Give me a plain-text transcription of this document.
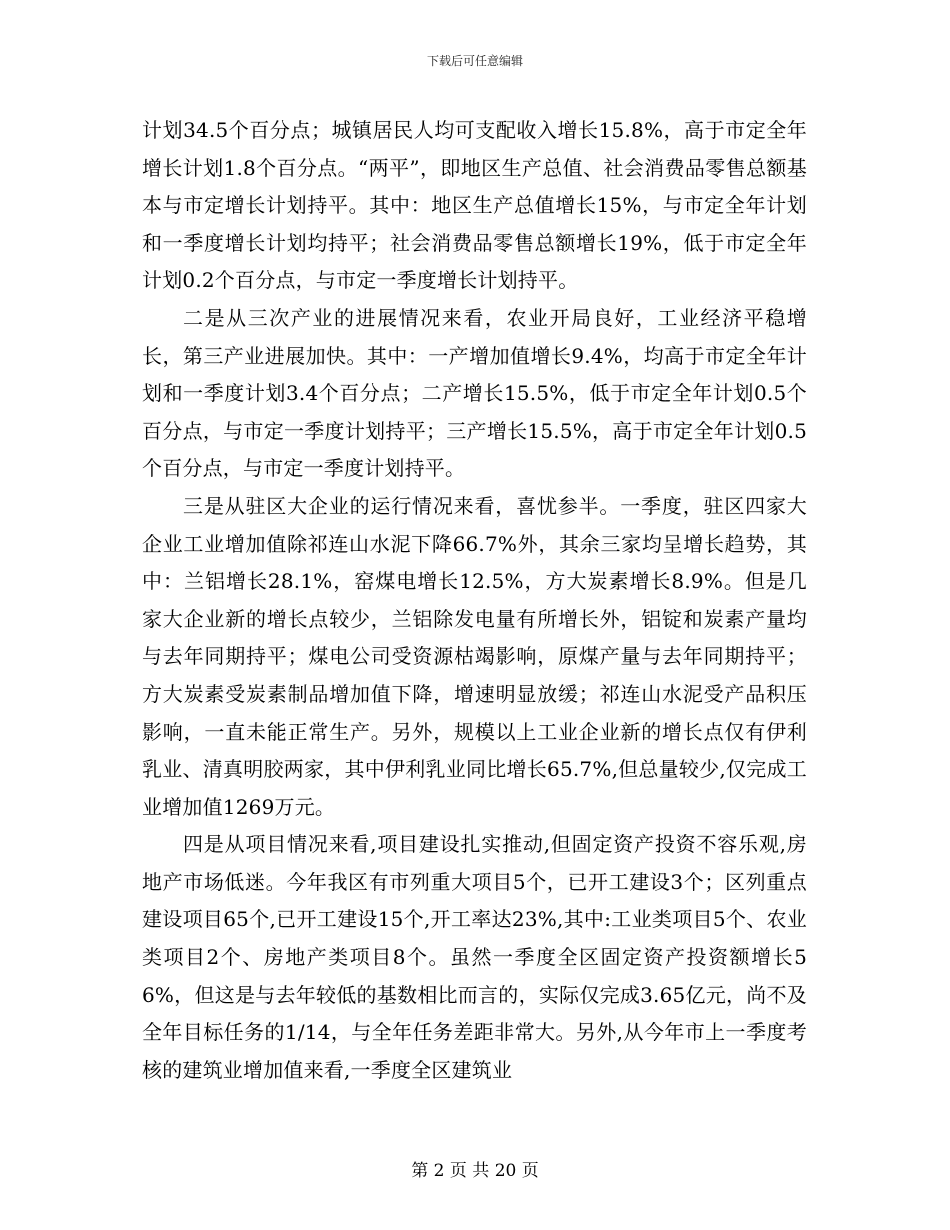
下载后可任意编辑

计划34.5个百分点；城镇居民人均可支配收入增长15.8%，高于市定全年增长计划1.8个百分点。“两平”，即地区生产总值、社会消费品零售总额基本与市定增长计划持平。其中：地区生产总值增长15%，与市定全年计划和一季度增长计划均持平；社会消费品零售总额增长19%，低于市定全年计划0.2个百分点，与市定一季度增长计划持平。

二是从三次产业的进展情况来看，农业开局良好，工业经济平稳增长，第三产业进展加快。其中：一产增加值增长9.4%，均高于市定全年计划和一季度计划3.4个百分点；二产增长15.5%，低于市定全年计划0.5个百分点，与市定一季度计划持平；三产增长15.5%，高于市定全年计划0.5个百分点，与市定一季度计划持平。

三是从驻区大企业的运行情况来看，喜忧参半。一季度，驻区四家大企业工业增加值除祁连山水泥下降66.7%外，其余三家均呈增长趋势，其中：兰铝增长28.1%，窑煤电增长12.5%，方大炭素增长8.9%。但是几家大企业新的增长点较少，兰铝除发电量有所增长外，铝锭和炭素产量均与去年同期持平；煤电公司受资源枯竭影响，原煤产量与去年同期持平；方大炭素受炭素制品增加值下降，增速明显放缓；祁连山水泥受产品积压影响，一直未能正常生产。另外，规模以上工业企业新的增长点仅有伊利乳业、清真明胶两家，其中伊利乳业同比增长65.7%,但总量较少,仅完成工业增加值1269万元。

四是从项目情况来看,项目建设扎实推动,但固定资产投资不容乐观,房地产市场低迷。今年我区有市列重大项目5个，已开工建设3个；区列重点建设项目65个,已开工建设15个,开工率达23%,其中:工业类项目5个、农业类项目2个、房地产类项目8个。虽然一季度全区固定资产投资额增长56%，但这是与去年较低的基数相比而言的，实际仅完成3.65亿元，尚不及全年目标任务的1/14，与全年任务差距非常大。另外,从今年市上一季度考核的建筑业增加值来看,一季度全区建筑业

第 2 页 共 20 页
